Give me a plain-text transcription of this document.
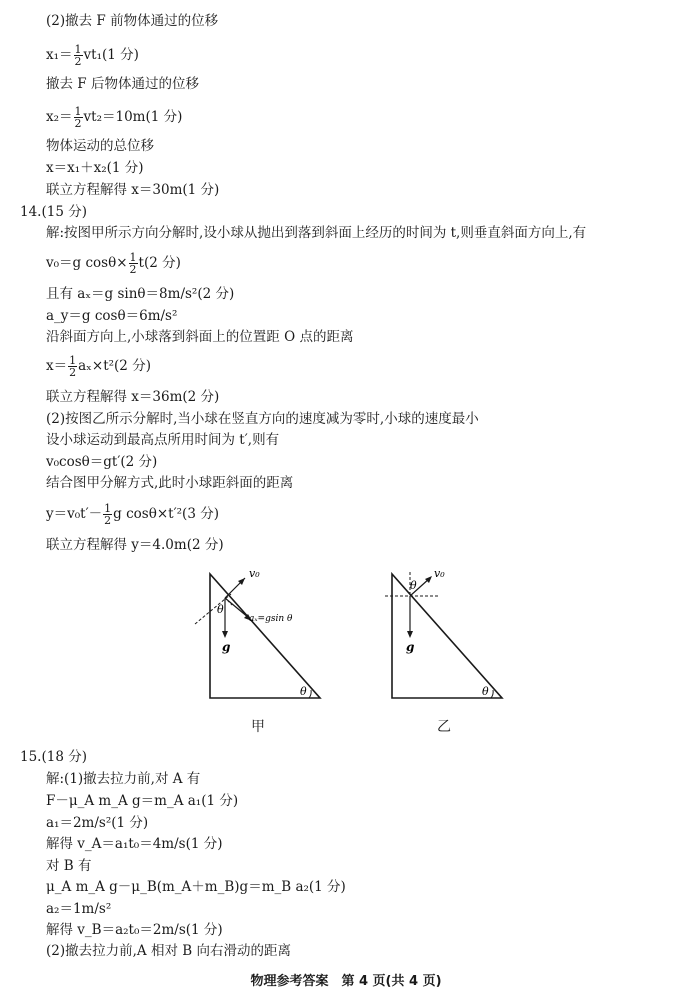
(2)撤去 F 前物体通过的位移
$x_1= \frac{1}{2} vt_1(1$ 分)
撤去 F 后物体通过的位移
$x_2= \frac{1}{2} vt_2=10m(1$ 分)
物体运动的总位移
x＝x₁＋x₂(1 分)
联立方程解得 x＝30m(1 分)
14.(15 分)
解:按图甲所示方向分解时,设小球从抛出到落到斜面上经历的时间为 t,则垂直斜面方向上,有
v₀＝g $\cos\theta\times \frac{1}{2} t(2$ 分)
且有 aₓ＝g sinθ＝8m/s²(2 分)
a_y＝g cosθ＝6m/s²
沿斜面方向上,小球落到斜面上的位置距 O 点的距离
$x= \frac{1}{2} a_x\times t^2(2$ 分)
联立方程解得 x＝36m(2 分)
(2)按图乙所示分解时,当小球在竖直方向的速度减为零时,小球的速度最小
设小球运动到最高点所用时间为 t′,则有
v₀cosθ＝gt′(2 分)
结合图甲分解方式,此时小球距斜面的距离
$y=v_0t'- \frac{1}{2}$ g cosθ×t′²(3 分)
联立方程解得 y＝4.0m(2 分)
v₀
θ
g
aₓ=gsin θ
θ
甲
v₀
θ
g
θ
乙
15.(18 分)
解:(1)撤去拉力前,对 A 有
F－μ_A m_A g＝m_A a₁(1 分)
a₁＝2m/s²(1 分)
解得 v_A＝a₁t₀＝4m/s(1 分)
对 B 有
μ_A m_A g－μ_B(m_A＋m_B)g＝m_B a₂(1 分)
a₂＝1m/s²
解得 v_B＝a₂t₀＝2m/s(1 分)
(2)撤去拉力前,A 相对 B 向右滑动的距离
物理参考答案　第 4 页(共 4 页)
